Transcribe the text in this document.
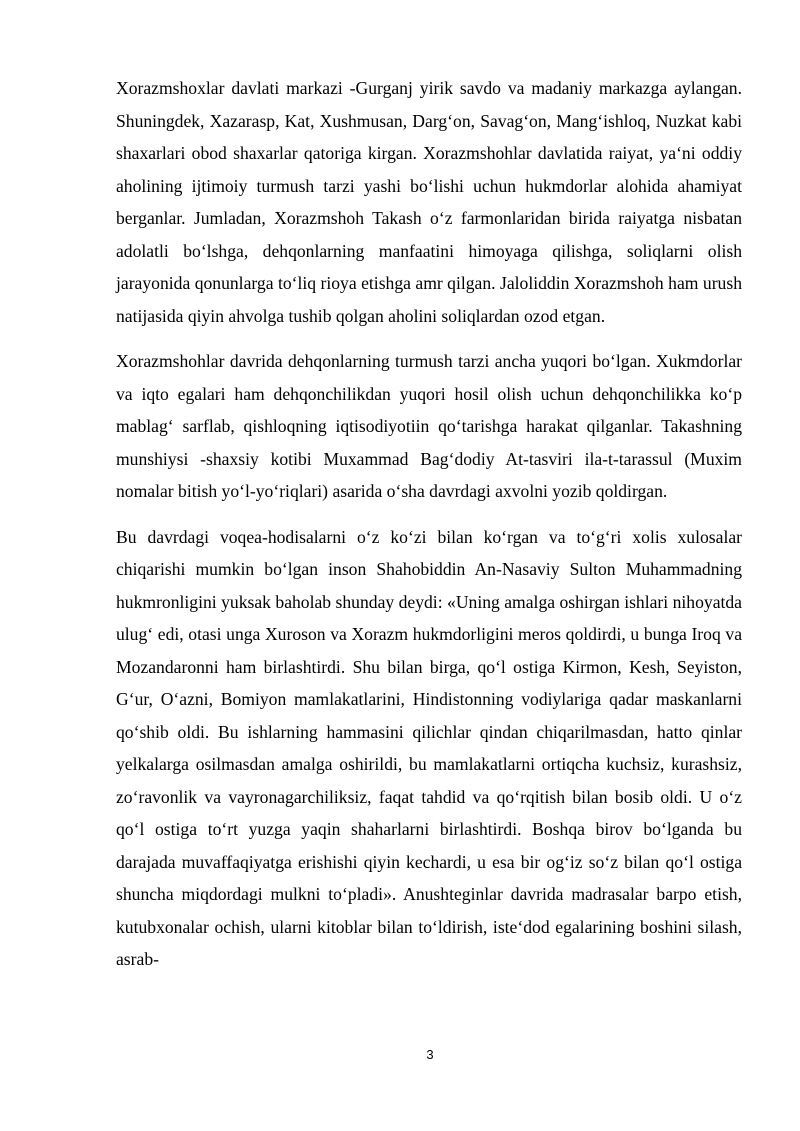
Xorazmshoxlar davlati markazi -Gurganj yirik savdo va madaniy markazga aylangan. Shuningdek, Xazarasp, Kat, Xushmusan, Darg‘on, Savag‘on, Mang‘ishloq, Nuzkat kabi shaxarlari obod shaxarlar qatoriga kirgan. Xorazmshohlar davlatida raiyat, ya‘ni oddiy aholining ijtimoiy turmush tarzi yashi bo‘lishi uchun hukmdorlar alohida ahamiyat berganlar. Jumladan, Xorazmshoh Takash o‘z farmonlaridan birida raiyatga nisbatan adolatli bo‘lshga, dehqonlarning manfaatini himoyaga qilishga, soliqlarni olish jarayonida qonunlarga to‘liq rioya etishga amr qilgan. Jaloliddin Xorazmshoh ham urush natijasida qiyin ahvolga tushib qolgan aholini soliqlardan ozod etgan.

Xorazmshohlar davrida dehqonlarning turmush tarzi ancha yuqori bo‘lgan. Xukmdorlar va iqto egalari ham dehqonchilikdan yuqori hosil olish uchun dehqonchilikka ko‘p mablag‘ sarflab, qishloqning iqtisodiyotiin qo‘tarishga harakat qilganlar. Takashning munshiysi -shaxsiy kotibi Muxammad Bag‘dodiy At-tasviri ila-t-tarassul (Muxim nomalar bitish yo‘l-yo‘riqlari) asarida o‘sha davrdagi axvolni yozib qoldirgan.

Bu davrdagi voqea-hodisalarni o‘z ko‘zi bilan ko‘rgan va to‘g‘ri xolis xulosalar chiqarishi mumkin bo‘lgan inson Shahobiddin An-Nasaviy Sulton Muhammadning hukmronligini yuksak baholab shunday deydi: «Uning amalga oshirgan ishlari nihoyatda ulug‘ edi, otasi unga Xuroson va Xorazm hukmdorligini meros qoldirdi, u bunga Iroq va Mozandaronni ham birlashtirdi. Shu bilan birga, qo‘l ostiga Kirmon, Kesh, Seyiston, G‘ur, O‘azni, Bomiyon mamlakatlarini, Hindistonning vodiylariga qadar maskanlarni qo‘shib oldi. Bu ishlarning hammasini qilichlar qindan chiqarilmasdan, hatto qinlar yelkalarga osilmasdan amalga oshirildi, bu mamlakatlarni ortiqcha kuchsiz, kurashsiz, zo‘ravonlik va vayronagarchiliksiz, faqat tahdid va qo‘rqitish bilan bosib oldi. U o‘z qo‘l ostiga to‘rt yuzga yaqin shaharlarni birlashtirdi. Boshqa birov bo‘lganda bu darajada muvaffaqiyatga erishishi qiyin kechardi, u esa bir og‘iz so‘z bilan qo‘l ostiga shuncha miqdordagi mulkni to‘pladi». Anushteginlar davrida madrasalar barpo etish, kutubxonalar ochish, ularni kitoblar bilan to‘ldirish, iste‘dod egalarining boshini silash, asrab-

3
